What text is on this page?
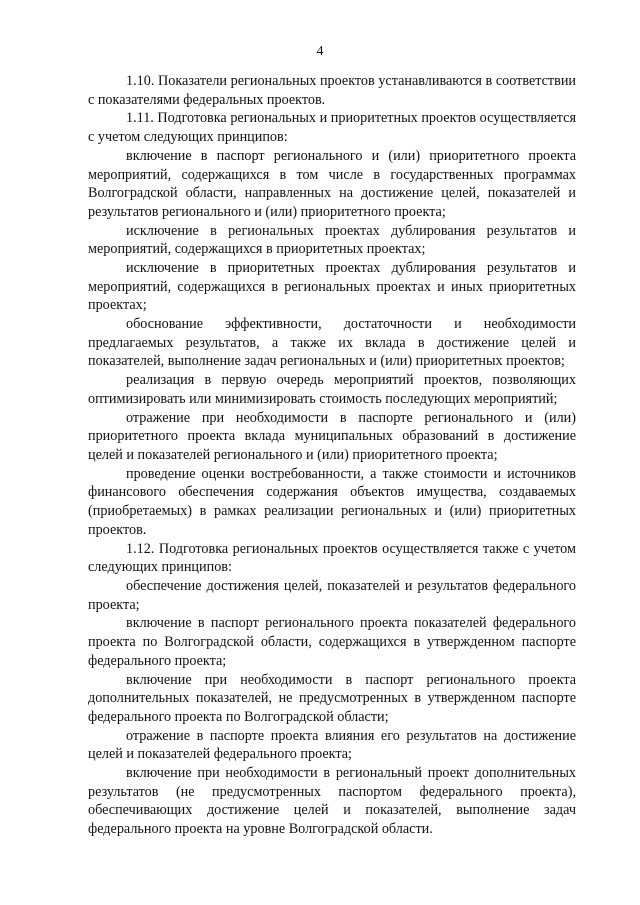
4

1.10. Показатели региональных проектов устанавливаются в соответствии с показателями федеральных проектов.

1.11. Подготовка региональных и приоритетных проектов осуществляется с учетом следующих принципов:

включение в паспорт регионального и (или) приоритетного проекта мероприятий, содержащихся в том числе в государственных программах Волгоградской области, направленных на достижение целей, показателей и результатов регионального и (или) приоритетного проекта;

исключение в региональных проектах дублирования результатов и мероприятий, содержащихся в приоритетных проектах;

исключение в приоритетных проектах дублирования результатов и мероприятий, содержащихся в региональных проектах и иных приоритетных проектах;

обоснование эффективности, достаточности и необходимости предлагаемых результатов, а также их вклада в достижение целей и показателей, выполнение задач региональных и (или) приоритетных проектов;

реализация в первую очередь мероприятий проектов, позволяющих оптимизировать или минимизировать стоимость последующих мероприятий;

отражение при необходимости в паспорте регионального и (или) приоритетного проекта вклада муниципальных образований в достижение целей и показателей регионального и (или) приоритетного проекта;

проведение оценки востребованности, а также стоимости и источников финансового обеспечения содержания объектов имущества, создаваемых (приобретаемых) в рамках реализации региональных и (или) приоритетных проектов.

1.12. Подготовка региональных проектов осуществляется также с учетом следующих принципов:

обеспечение достижения целей, показателей и результатов федерального проекта;

включение в паспорт регионального проекта показателей федерального проекта по Волгоградской области, содержащихся в утвержденном паспорте федерального проекта;

включение при необходимости в паспорт регионального проекта дополнительных показателей, не предусмотренных в утвержденном паспорте федерального проекта по Волгоградской области;

отражение в паспорте проекта влияния его результатов на достижение целей и показателей федерального проекта;

включение при необходимости в региональный проект дополнительных результатов (не предусмотренных паспортом федерального проекта), обеспечивающих достижение целей и показателей, выполнение задач федерального проекта на уровне Волгоградской области.
